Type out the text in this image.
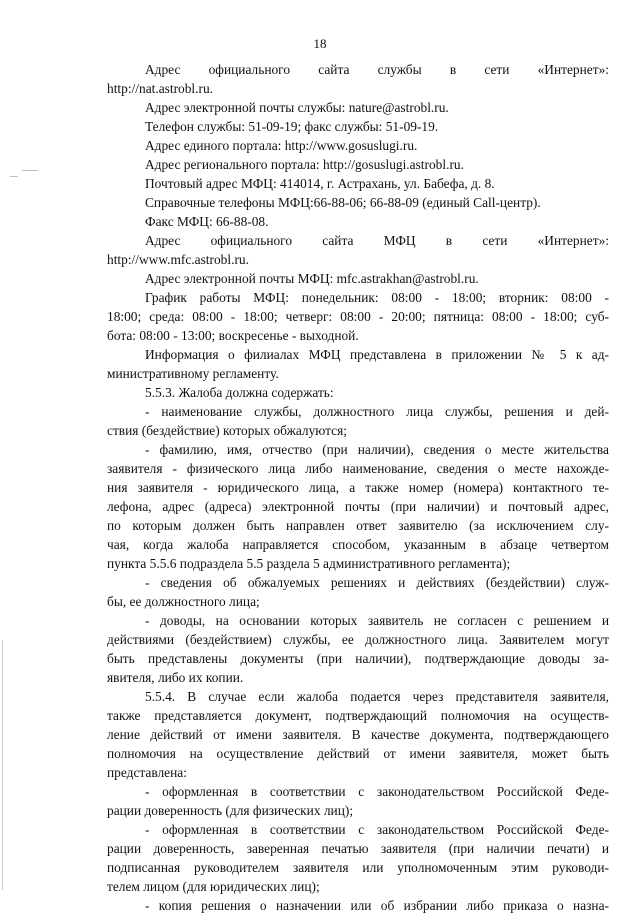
18
Адрес официального сайта службы в сети «Интернет»:
http://nat.astrobl.ru.
Адрес электронной почты службы: nature@astrobl.ru.
Телефон службы: 51-09-19; факс службы: 51-09-19.
Адрес единого портала: http://www.gosuslugi.ru.
Адрес регионального портала: http://gosuslugi.astrobl.ru.
Почтовый адрес МФЦ: 414014, г. Астрахань, ул. Бабефа, д. 8.
Справочные телефоны МФЦ:66-88-06; 66-88-09 (единый Call-центр).
Факс МФЦ: 66-88-08.
Адрес официального сайта МФЦ в сети «Интернет»:
http://www.mfc.astrobl.ru.
Адрес электронной почты МФЦ: mfc.astrakhan@astrobl.ru.
График работы МФЦ: понедельник: 08:00 - 18:00; вторник: 08:00 -
18:00; среда: 08:00 - 18:00; четверг: 08:00 - 20:00; пятница: 08:00 - 18:00; суб-
бота: 08:00 - 13:00; воскресенье - выходной.
Информация о филиалах МФЦ представлена в приложении № 5 к ад-
министративному регламенту.
5.5.3. Жалоба должна содержать:
- наименование службы, должностного лица службы, решения и дей-
ствия (бездействие) которых обжалуются;
- фамилию, имя, отчество (при наличии), сведения о месте жительства
заявителя - физического лица либо наименование, сведения о месте нахожде-
ния заявителя - юридического лица, а также номер (номера) контактного те-
лефона, адрес (адреса) электронной почты (при наличии) и почтовый адрес,
по которым должен быть направлен ответ заявителю (за исключением слу-
чая, когда жалоба направляется способом, указанным в абзаце четвертом
пункта 5.5.6 подраздела 5.5 раздела 5 административного регламента);
- сведения об обжалуемых решениях и действиях (бездействии) служ-
бы, ее должностного лица;
- доводы, на основании которых заявитель не согласен с решением и
действиями (бездействием) службы, ее должностного лица. Заявителем могут
быть представлены документы (при наличии), подтверждающие доводы за-
явителя, либо их копии.
5.5.4. В случае если жалоба подается через представителя заявителя,
также представляется документ, подтверждающий полномочия на осуществ-
ление действий от имени заявителя. В качестве документа, подтверждающего
полномочия на осуществление действий от имени заявителя, может быть
представлена:
- оформленная в соответствии с законодательством Российской Феде-
рации доверенность (для физических лиц);
- оформленная в соответствии с законодательством Российской Феде-
рации доверенность, заверенная печатью заявителя (при наличии печати) и
подписанная руководителем заявителя или уполномоченным этим руководи-
телем лицом (для юридических лиц);
- копия решения о назначении или об избрании либо приказа о назна-
